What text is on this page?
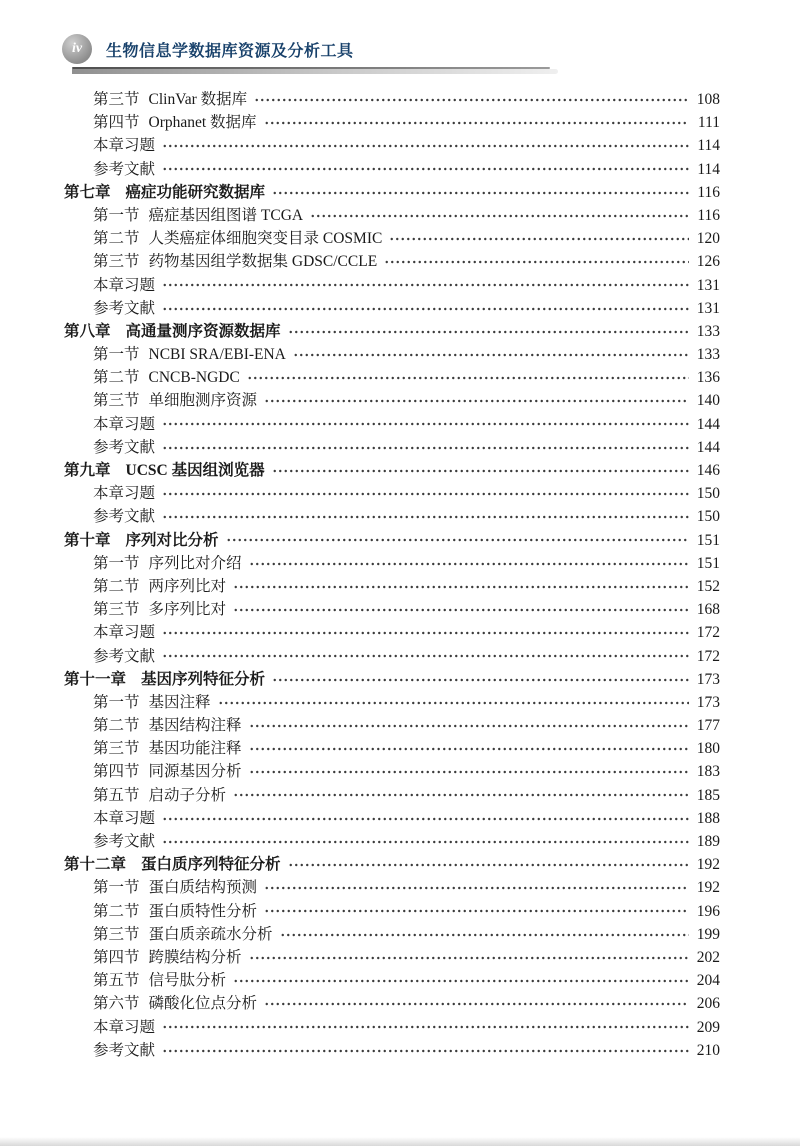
iv 生物信息学数据库资源及分析工具
第三节 ClinVar 数据库	108
第四节 Orphanet 数据库	111
本章习题	114
参考文献	114
第七章 癌症功能研究数据库	116
第一节 癌症基因组图谱 TCGA	116
第二节 人类癌症体细胞突变目录 COSMIC	120
第三节 药物基因组学数据集 GDSC/CCLE	126
本章习题	131
参考文献	131
第八章 高通量测序资源数据库	133
第一节 NCBI SRA/EBI-ENA	133
第二节 CNCB-NGDC	136
第三节 单细胞测序资源	140
本章习题	144
参考文献	144
第九章 UCSC 基因组浏览器	146
本章习题	150
参考文献	150
第十章 序列对比分析	151
第一节 序列比对介绍	151
第二节 两序列比对	152
第三节 多序列比对	168
本章习题	172
参考文献	172
第十一章 基因序列特征分析	173
第一节 基因注释	173
第二节 基因结构注释	177
第三节 基因功能注释	180
第四节 同源基因分析	183
第五节 启动子分析	185
本章习题	188
参考文献	189
第十二章 蛋白质序列特征分析	192
第一节 蛋白质结构预测	192
第二节 蛋白质特性分析	196
第三节 蛋白质亲疏水分析	199
第四节 跨膜结构分析	202
第五节 信号肽分析	204
第六节 磷酸化位点分析	206
本章习题	209
参考文献	210
